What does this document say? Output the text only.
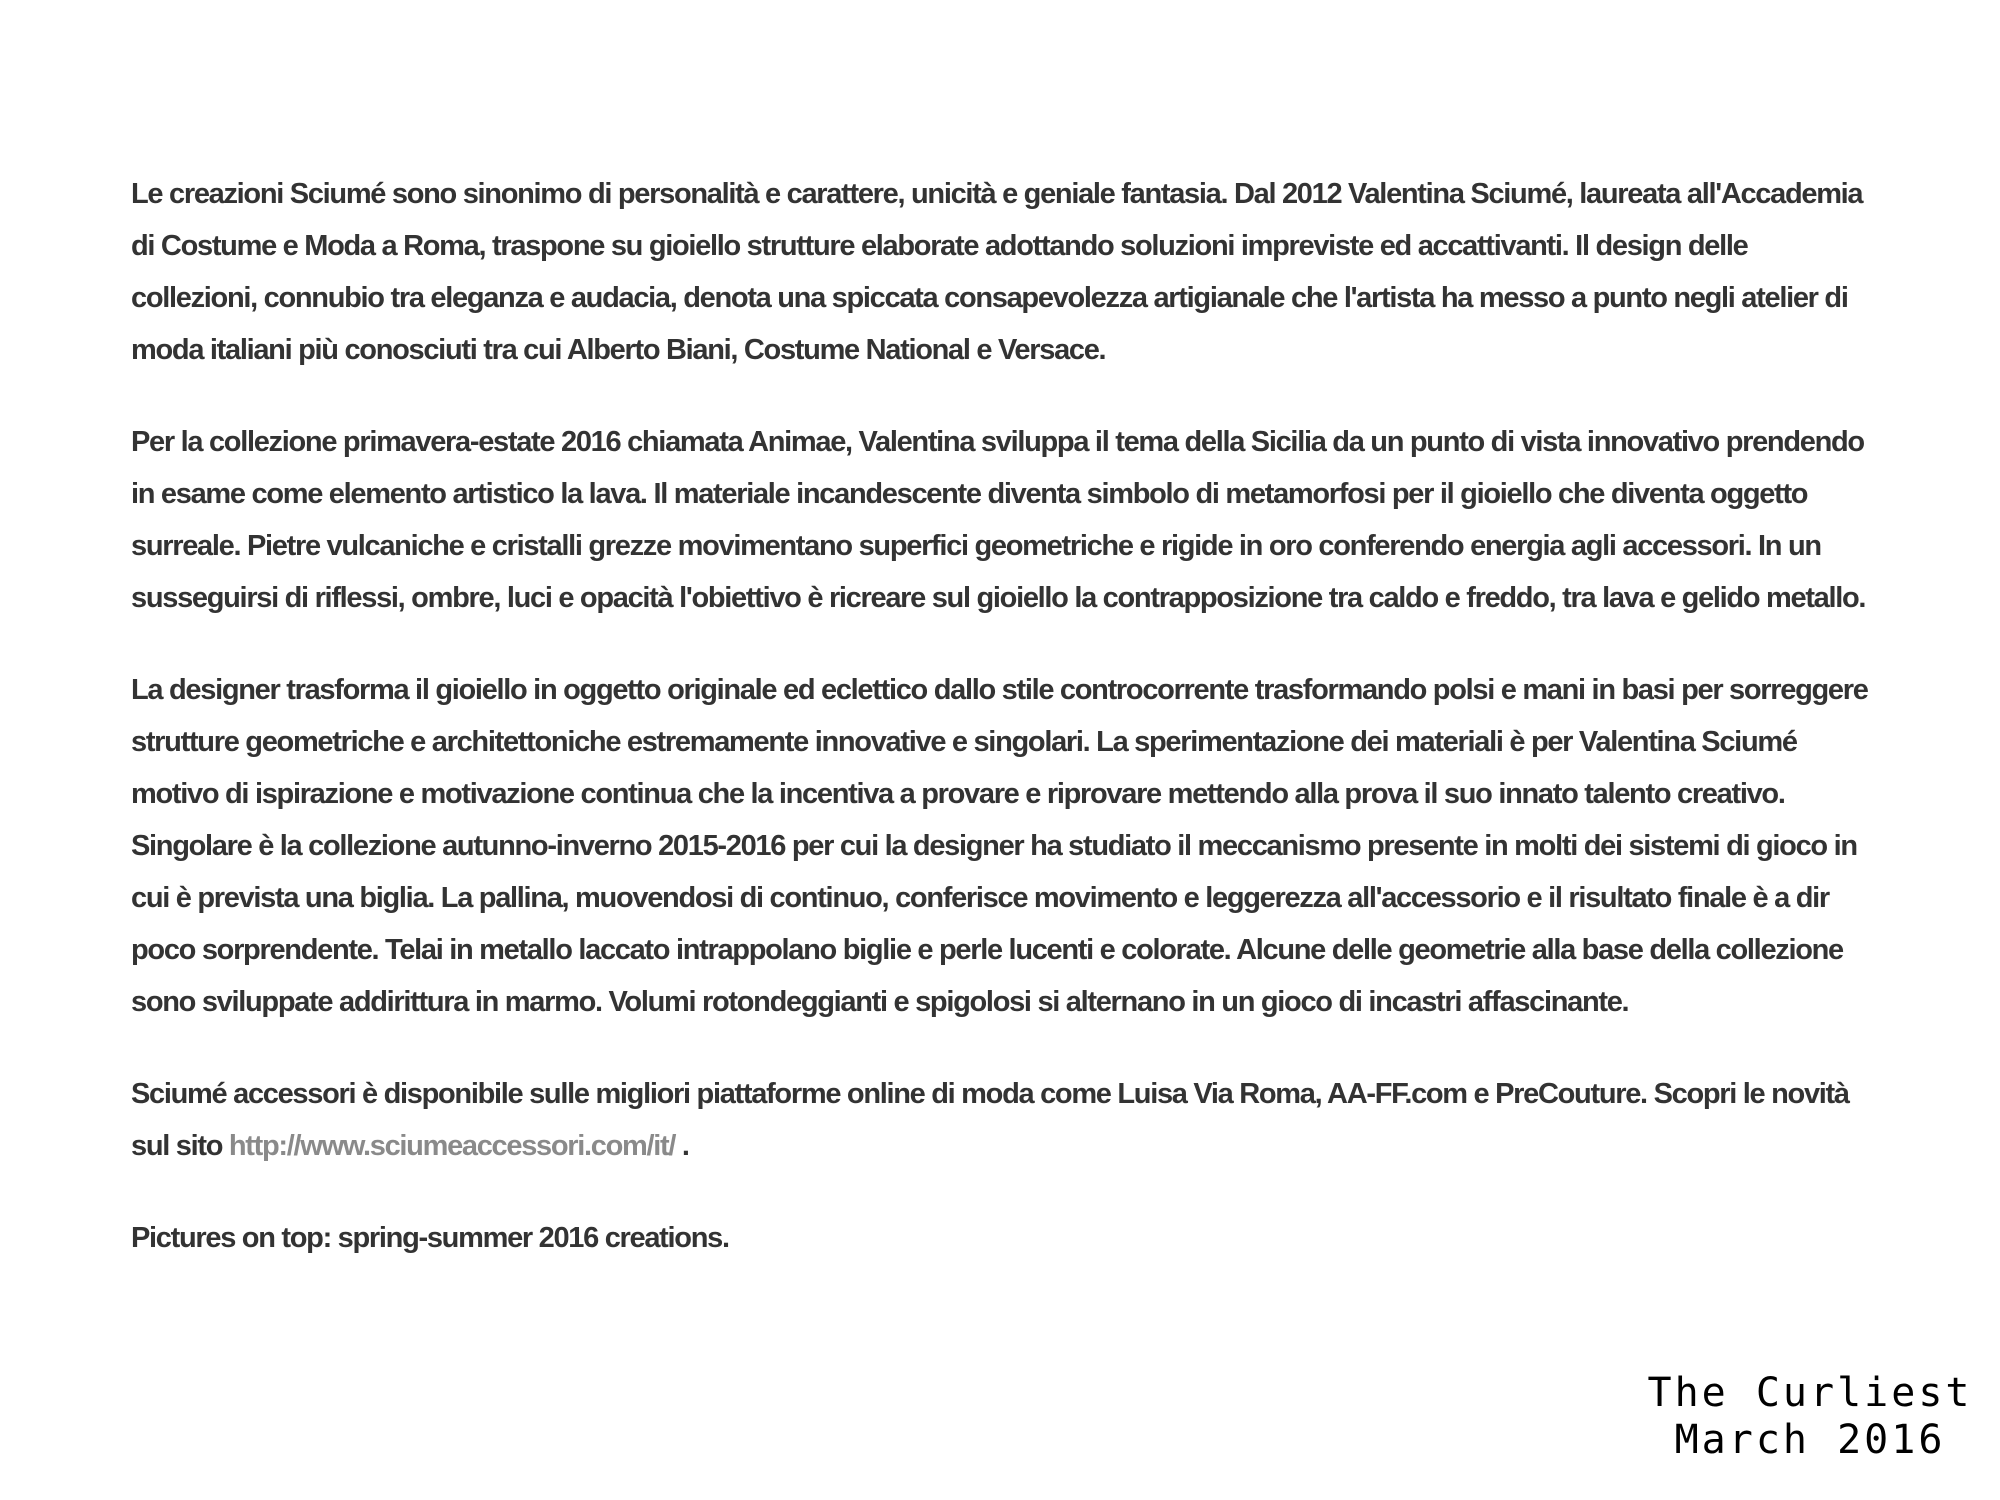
Le creazioni Sciumé sono sinonimo di personalità e carattere, unicità e geniale fantasia. Dal 2012 Valentina Sciumé, laureata all'Accademia di Costume e Moda a Roma, traspone su gioiello strutture elaborate adottando soluzioni impreviste ed accattivanti. Il design delle collezioni, connubio tra eleganza e audacia, denota una spiccata consapevolezza artigianale che l'artista ha messo a punto negli atelier di moda italiani più conosciuti tra cui Alberto Biani, Costume National e Versace.

Per la collezione primavera-estate 2016 chiamata Animae, Valentina sviluppa il tema della Sicilia da un punto di vista innovativo prendendo in esame come elemento artistico la lava. Il materiale incandescente diventa simbolo di metamorfosi per il gioiello che diventa oggetto surreale. Pietre vulcaniche e cristalli grezze movimentano superfici geometriche e rigide in oro conferendo energia agli accessori. In un susseguirsi di riflessi, ombre, luci e opacità l'obiettivo è ricreare sul gioiello la contrapposizione tra caldo e freddo, tra lava e gelido metallo.

La designer trasforma il gioiello in oggetto originale ed eclettico dallo stile controcorrente trasformando polsi e mani in basi per sorreggere strutture geometriche e architettoniche estremamente innovative e singolari. La sperimentazione dei materiali è per Valentina Sciumé motivo di ispirazione e motivazione continua che la incentiva a provare e riprovare mettendo alla prova il suo innato talento creativo. Singolare è la collezione autunno-inverno 2015-2016 per cui la designer ha studiato il meccanismo presente in molti dei sistemi di gioco in cui è prevista una biglia. La pallina, muovendosi di continuo, conferisce movimento e leggerezza all'accessorio e il risultato finale è a dir poco sorprendente. Telai in metallo laccato intrappolano biglie e perle lucenti e colorate. Alcune delle geometrie alla base della collezione sono sviluppate addirittura in marmo. Volumi rotondeggianti e spigolosi si alternano in un gioco di incastri affascinante.

Sciumé accessori è disponibile sulle migliori piattaforme online di moda come Luisa Via Roma, AA-FF.com e PreCouture. Scopri le novità sul sito http://www.sciumeaccessori.com/it/ .

Pictures on top: spring-summer 2016 creations.

The Curliest
March 2016
